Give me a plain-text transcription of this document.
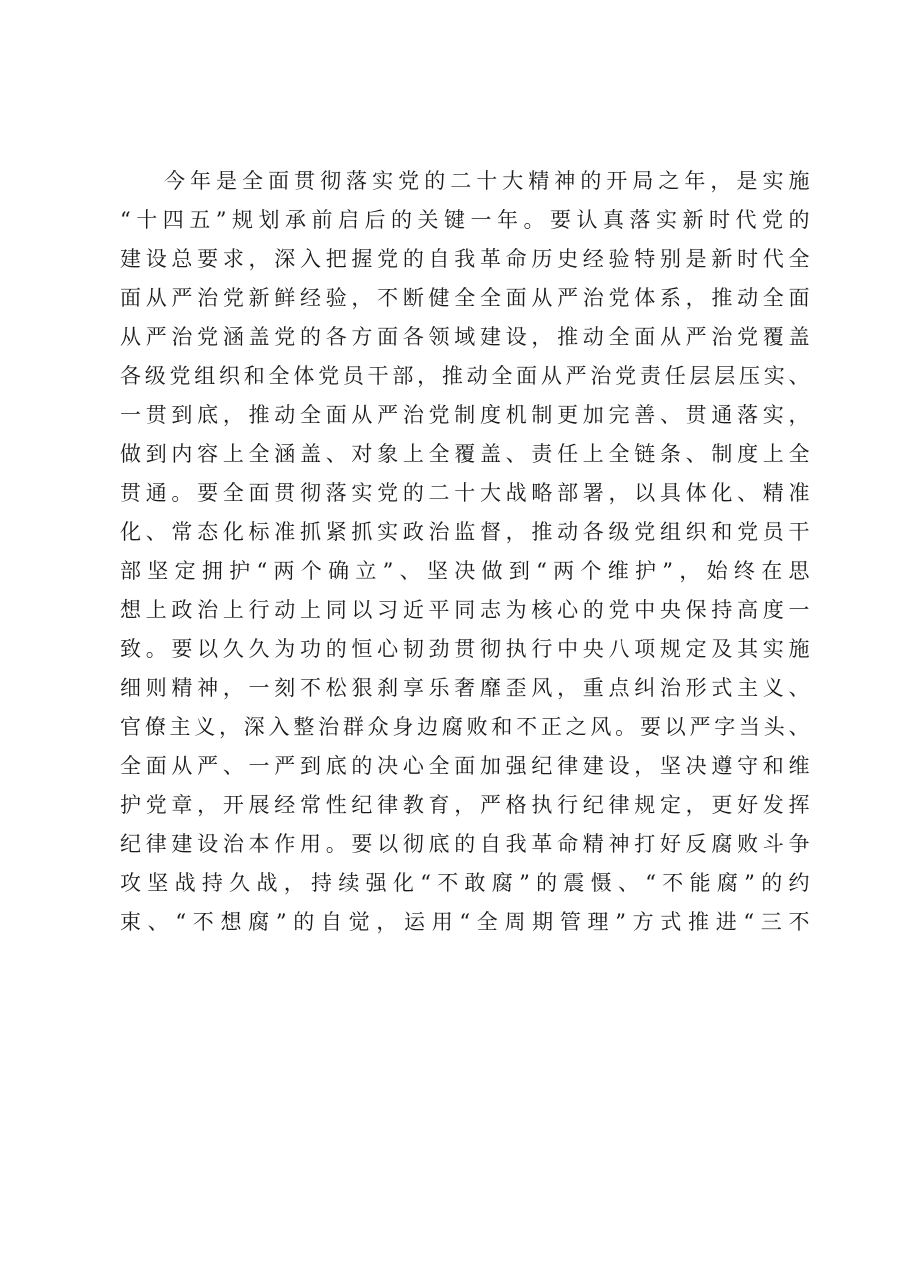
今年是全面贯彻落实党的二十大精神的开局之年，是实施
“十四五”规划承前启后的关键一年。要认真落实新时代党的
建设总要求，深入把握党的自我革命历史经验特别是新时代全
面从严治党新鲜经验，不断健全全面从严治党体系，推动全面
从严治党涵盖党的各方面各领域建设，推动全面从严治党覆盖
各级党组织和全体党员干部，推动全面从严治党责任层层压实、
一贯到底，推动全面从严治党制度机制更加完善、贯通落实，
做到内容上全涵盖、对象上全覆盖、责任上全链条、制度上全
贯通。要全面贯彻落实党的二十大战略部署，以具体化、精准
化、常态化标准抓紧抓实政治监督，推动各级党组织和党员干
部坚定拥护“两个确立”、坚决做到“两个维护”，始终在思
想上政治上行动上同以习近平同志为核心的党中央保持高度一
致。要以久久为功的恒心韧劲贯彻执行中央八项规定及其实施
细则精神，一刻不松狠刹享乐奢靡歪风，重点纠治形式主义、
官僚主义，深入整治群众身边腐败和不正之风。要以严字当头、
全面从严、一严到底的决心全面加强纪律建设，坚决遵守和维
护党章，开展经常性纪律教育，严格执行纪律规定，更好发挥
纪律建设治本作用。要以彻底的自我革命精神打好反腐败斗争
攻坚战持久战，持续强化“不敢腐”的震慑、“不能腐”的约
束、“不想腐”的自觉，运用“全周期管理”方式推进“三不
